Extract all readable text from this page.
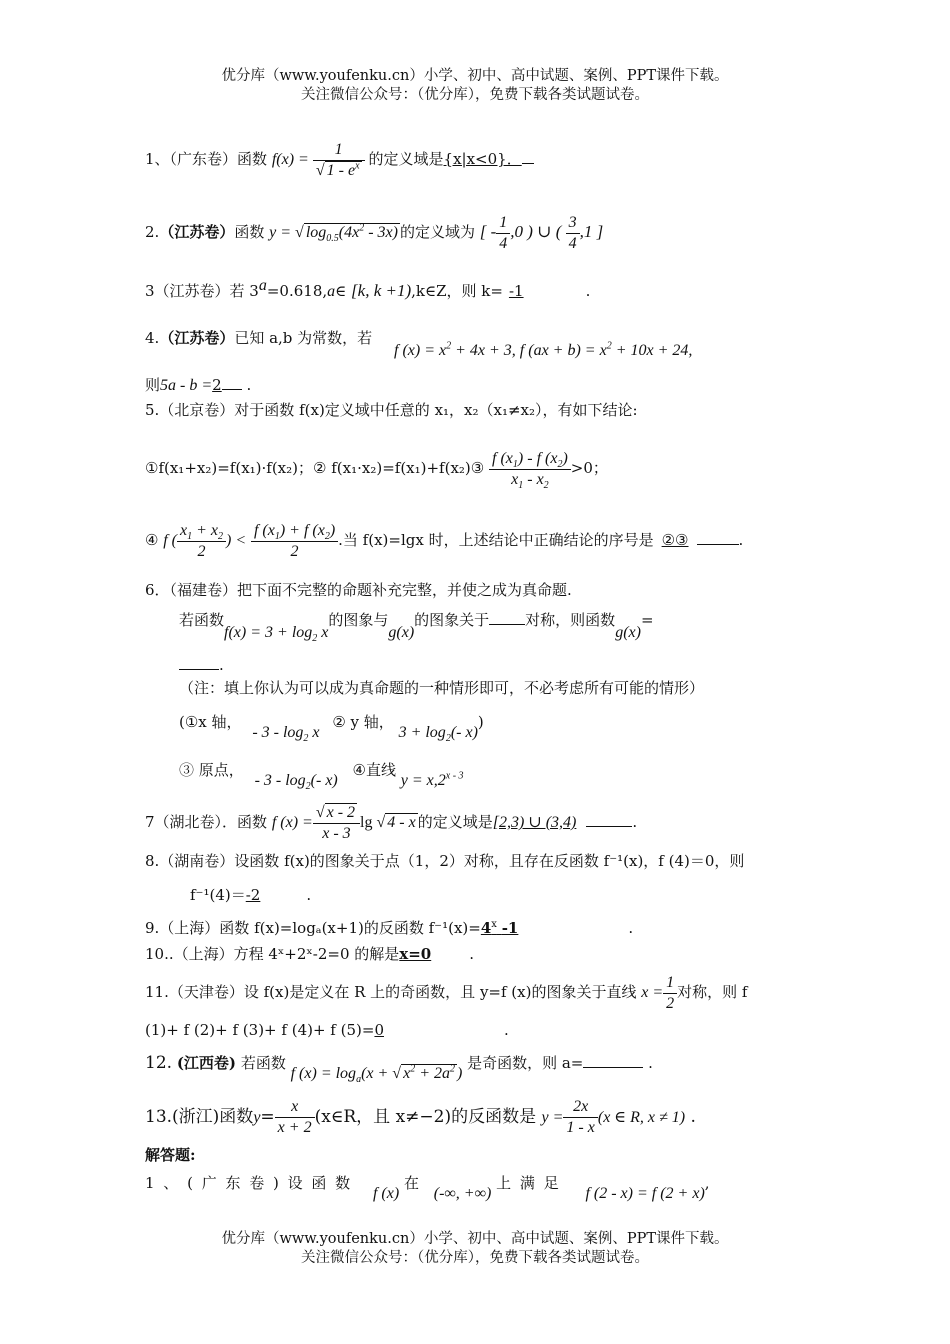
优分库（www.youfenku.cn）小学、初中、高中试题、案例、PPT课件下载。
关注微信公众号：（优分库），免费下载各类试题试卷。
1、（广东卷）函数 $f(x) = \frac{1}{√ 1 - e^x}$ 的定义域是{x|x<0}．
2.（江苏卷）函数 y = √ $\log_{0.5}(4x^2 - 3x)$ 的定义域为 [ - $\frac{1}{4} ,0$ ) ∪ ( $\frac{3}{4} ,1$ ]
3（江苏卷）若 $3^a=0.618,a\in$ [k, k +1),k∈Z，则 k= -1	.
4.（江苏卷）已知 a,b 为常数，若
f $(x) = x^2 + 4x + 3$, f $(ax + b) = x^2 + 10x + 24$,
则5a - b =2 .
5.（北京卷）对于函数 f(x)定义域中任意的 x₁，x₂（x₁≠x₂），有如下结论:
①f(x₁+x₂)=f(x₁)·f(x₂)；② f(x₁·x₂)=f(x₁)+f(x₂)③ $\frac{f (x_1) - f (x_2)}{x_1 - x_2} >0$；
④ f ( $\frac{x_1 + x_2}{2}$ ) < $\frac{f (x_1) + f (x_2)}{2}$ .当 f(x)=lgx 时，上述结论中正确结论的序号是 ②③	.
6．（福建卷）把下面不完整的命题补充完整，并使之成为真命题.
若函数$f(x) = 3 + \log_2 x$的图象与g(x)的图象关于 对称，则函数g(x)=
.
（注：填上你认为可以成为真命题的一种情形即可，不必考虑所有可能的情形）
(①x 轴， - $3 - \log_2 x$ ② y 轴， $3 + \log_2(-$ x))
③ 原点， - $3 - \log_2(-$ x) ④直线 $y = x,2^{x - 3}$
7（湖北卷）．函数 f $(x) = \frac{√ x - 2}{x - 3}$ lg √ 4 - x 的定义域是[2,3) ∪ (3,4)	.
8.（湖南卷）设函数 f(x)的图象关于点（1，2）对称，且存在反函数 f⁻¹(x)，f (4)＝0，则
f⁻¹(4)＝-2	.
9.（上海）函数 f(x)=logₐ(x+1)的反函数 $f^{-1}(x)=4^x$ -1	.
10..（上海）方程 4ˣ+2ˣ-2=0 的解是x=0	.
11.（天津卷）设 f(x)是定义在 R 上的奇函数，且 y=f (x)的图象关于直线 $x = \frac{1}{2}$ 对称，则 f
(1)+ f (2)+ f (3)+ f (4)+ f (5)=0	.
12. (江西卷) 若函数 f $(x) = \log_a(x$ + √ $x^2 + 2a^2$ ) 是奇函数，则 a=	.
13.(浙江)函数$y= \frac{x}{x + 2}$ (x∈R，且 x≠−2)的反函数是 $y = \frac{2x}{1 - x} (x$ ∈ R, x ≠ 1) .
解答题:
1 、 ( 广 东 卷 ) 设 函 数 f (x) 在 (-∞, +∞) 上 满 足 f (2 - x) = f (2 + x),
优分库（www.youfenku.cn）小学、初中、高中试题、案例、PPT课件下载。
关注微信公众号：（优分库），免费下载各类试题试卷。
